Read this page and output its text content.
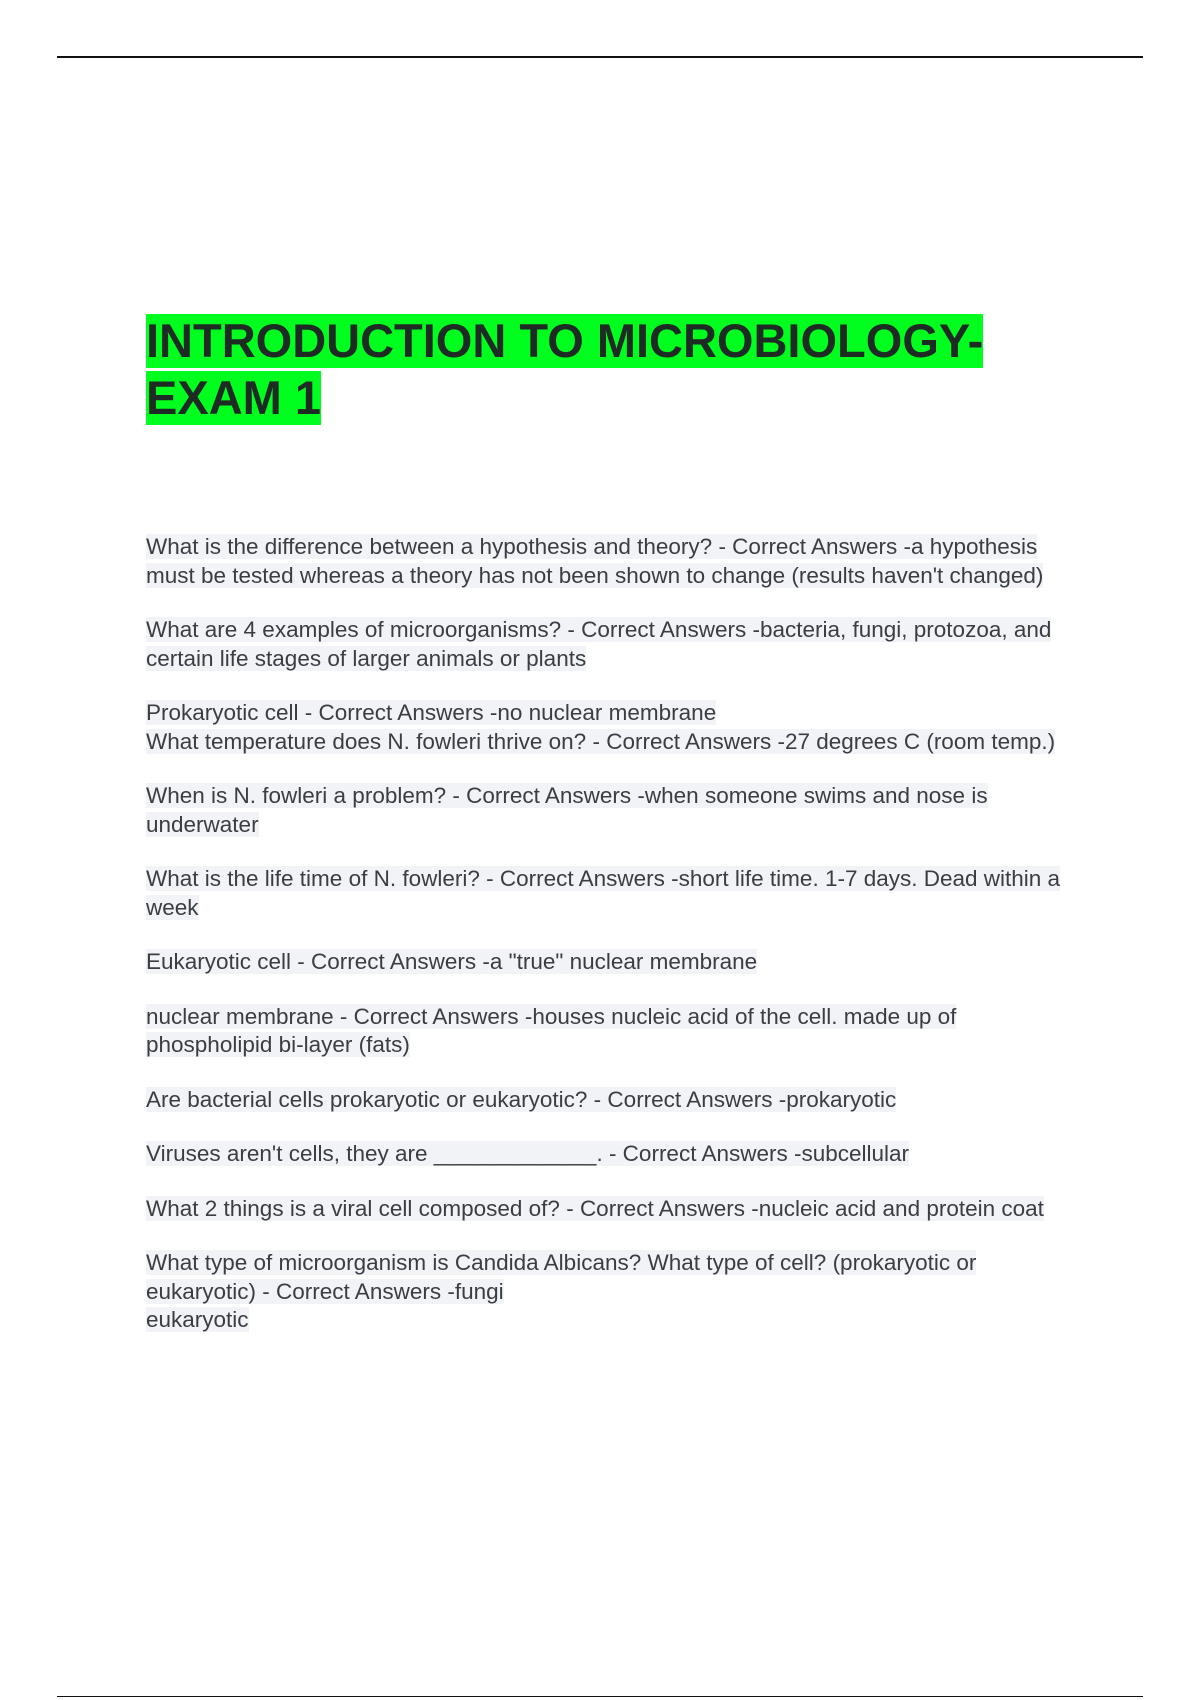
INTRODUCTION TO MICROBIOLOGY-
EXAM 1
What is the difference between a hypothesis and theory? - Correct Answers -a hypothesis must be tested whereas a theory has not been shown to change (results haven't changed)
What are 4 examples of microorganisms? - Correct Answers -bacteria, fungi, protozoa, and certain life stages of larger animals or plants
Prokaryotic cell - Correct Answers -no nuclear membrane
What temperature does N. fowleri thrive on? - Correct Answers -27 degrees C (room temp.)
When is N. fowleri a problem? - Correct Answers -when someone swims and nose is underwater
What is the life time of N. fowleri? - Correct Answers -short life time. 1-7 days. Dead within a week
Eukaryotic cell - Correct Answers -a "true" nuclear membrane
nuclear membrane - Correct Answers -houses nucleic acid of the cell. made up of phospholipid bi-layer (fats)
Are bacterial cells prokaryotic or eukaryotic? - Correct Answers -prokaryotic
Viruses aren't cells, they are _____________. - Correct Answers -subcellular
What 2 things is a viral cell composed of? - Correct Answers -nucleic acid and protein coat
What type of microorganism is Candida Albicans? What type of cell? (prokaryotic or eukaryotic) - Correct Answers -fungi
eukaryotic
